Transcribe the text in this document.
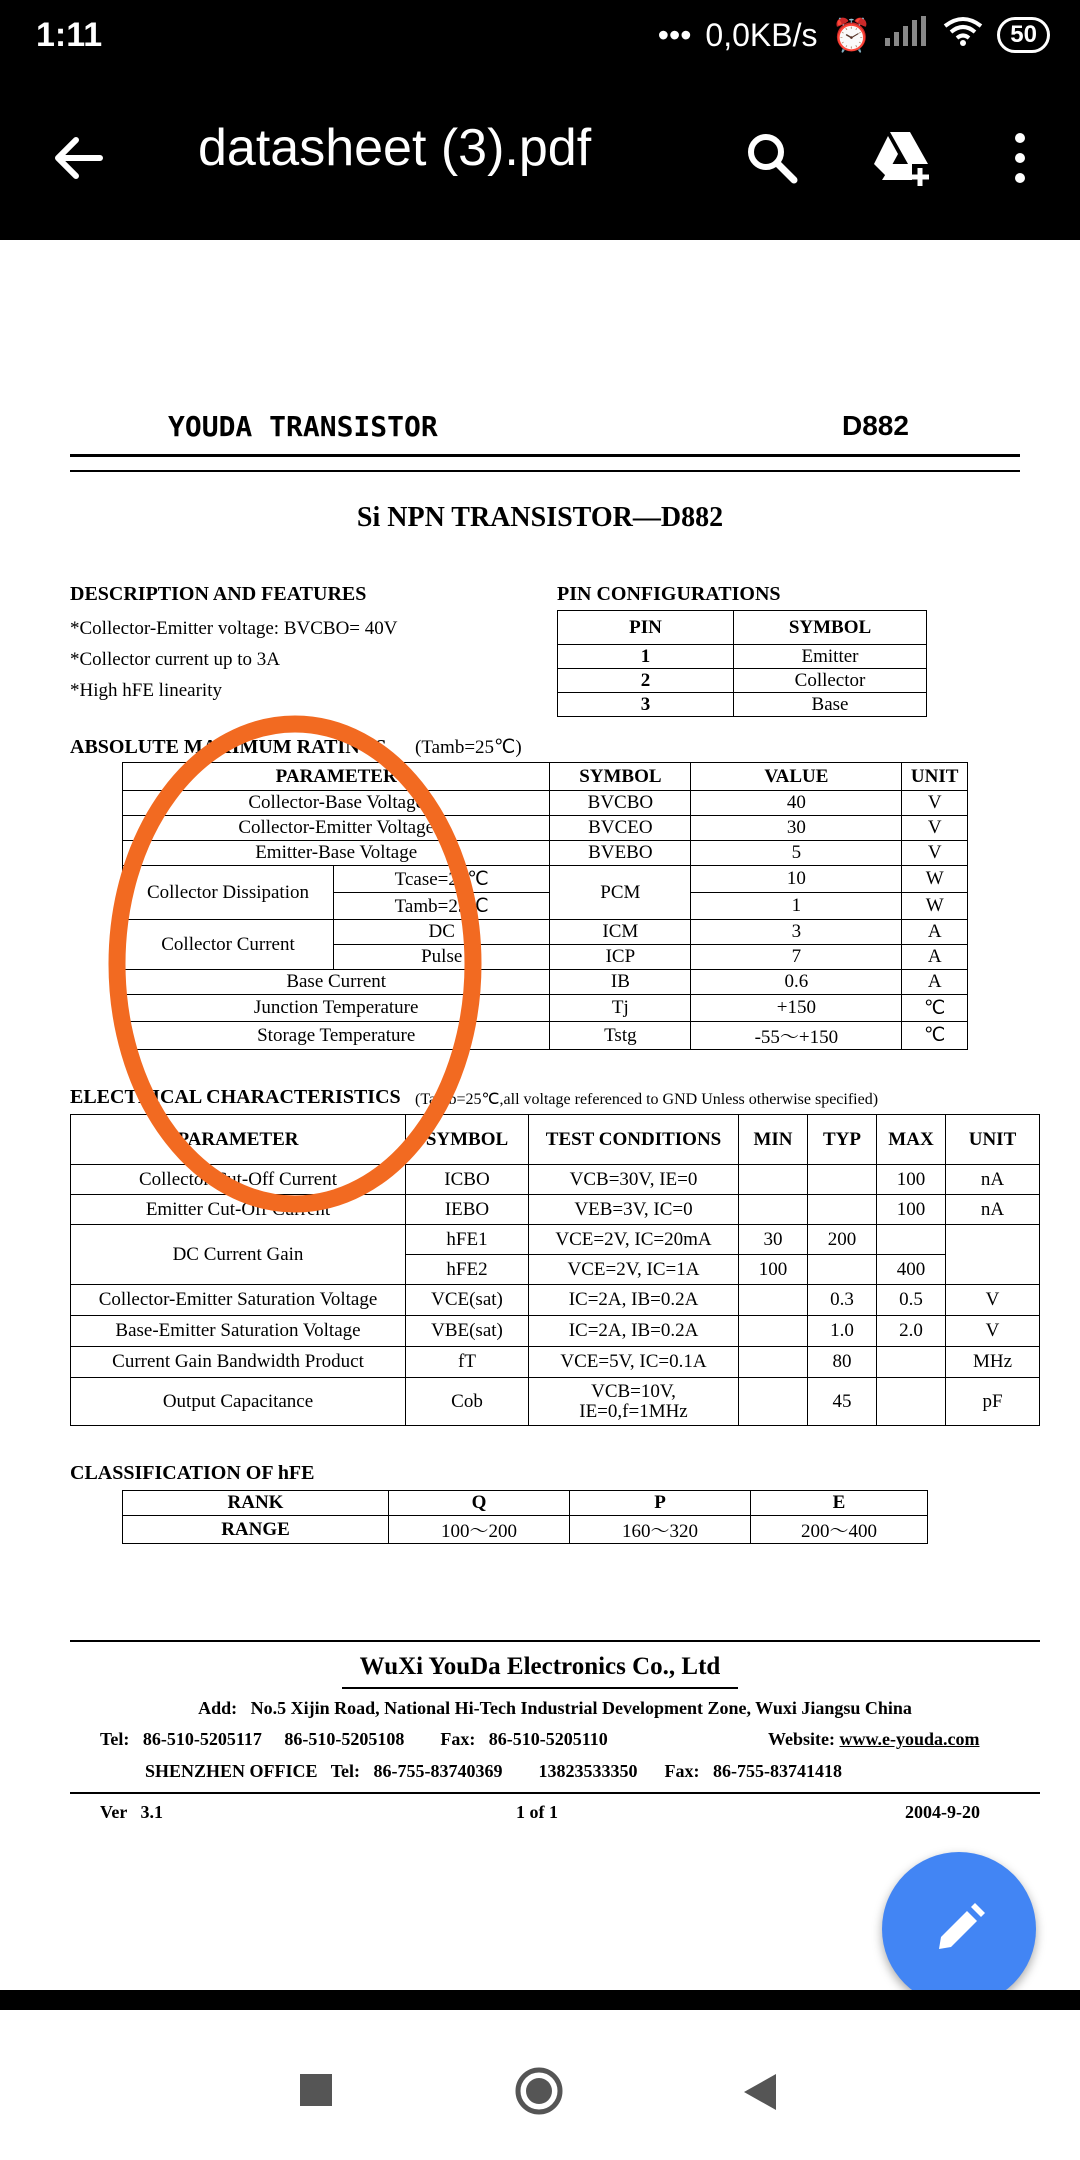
1:11	••• 0,0KB/s ⏰	50
datasheet (3).pdf
YOUDA TRANSISTOR	D882
Si NPN TRANSISTOR—D882
DESCRIPTION AND FEATURES
*Collector-Emitter voltage: BVCBO= 40V
*Collector current up to 3A
*High hFE linearity
PIN CONFIGURATIONS
PIN	SYMBOL
1	Emitter
2	Collector
3	Base
ABSOLUTE MAXIMUM RATINGS (Tamb=25℃)
PARAMETER		SYMBOL	VALUE	UNIT
Collector-Base Voltage		BVCBO	40	V
Collector-Emitter Voltage		BVCEO	30	V
Emitter-Base Voltage		BVEBO	5	V
Collector Dissipation	Tcase=25℃	PCM	10	W
	Tamb=25℃		1	W
Collector Current	DC	ICM	3	A
	Pulse	ICP	7	A
Base Current		IB	0.6	A
Junction Temperature		Tj	+150	℃
Storage Temperature		Tstg	-55～+150	℃
ELECTRICAL CHARACTERISTICS (Tamb=25℃,all voltage referenced to GND Unless otherwise specified)
PARAMETER	SYMBOL	TEST CONDITIONS	MIN	TYP	MAX	UNIT
Collector Cut-Off Current	ICBO	VCB=30V, IE=0			100	nA
Emitter Cut-Off Current	IEBO	VEB=3V, IC=0			100	nA
DC Current Gain	hFE1	VCE=2V, IC=20mA	30	200		
	hFE2	VCE=2V, IC=1A	100		400	
Collector-Emitter Saturation Voltage	VCE(sat)	IC=2A, IB=0.2A		0.3	0.5	V
Base-Emitter Saturation Voltage	VBE(sat)	IC=2A, IB=0.2A		1.0	2.0	V
Current Gain Bandwidth Product	fT	VCE=5V, IC=0.1A		80		MHz
Output Capacitance	Cob	VCB=10V,
IE=0,f=1MHz		45		pF
CLASSIFICATION OF hFE
RANK	Q	P	E
RANGE	100～200	160～320	200～400
WuXi YouDa Electronics Co., Ltd
Add:   No.5 Xijin Road, National Hi-Tech Industrial Development Zone, Wuxi Jiangsu China
Tel:   86-510-5205117     86-510-5205108        Fax:   86-510-5205110	Website: www.e-youda.com
SHENZHEN OFFICE   Tel:   86-755-83740369        13823533350      Fax:   86-755-83741418
Ver   3.1	1 of 1	2004-9-20
